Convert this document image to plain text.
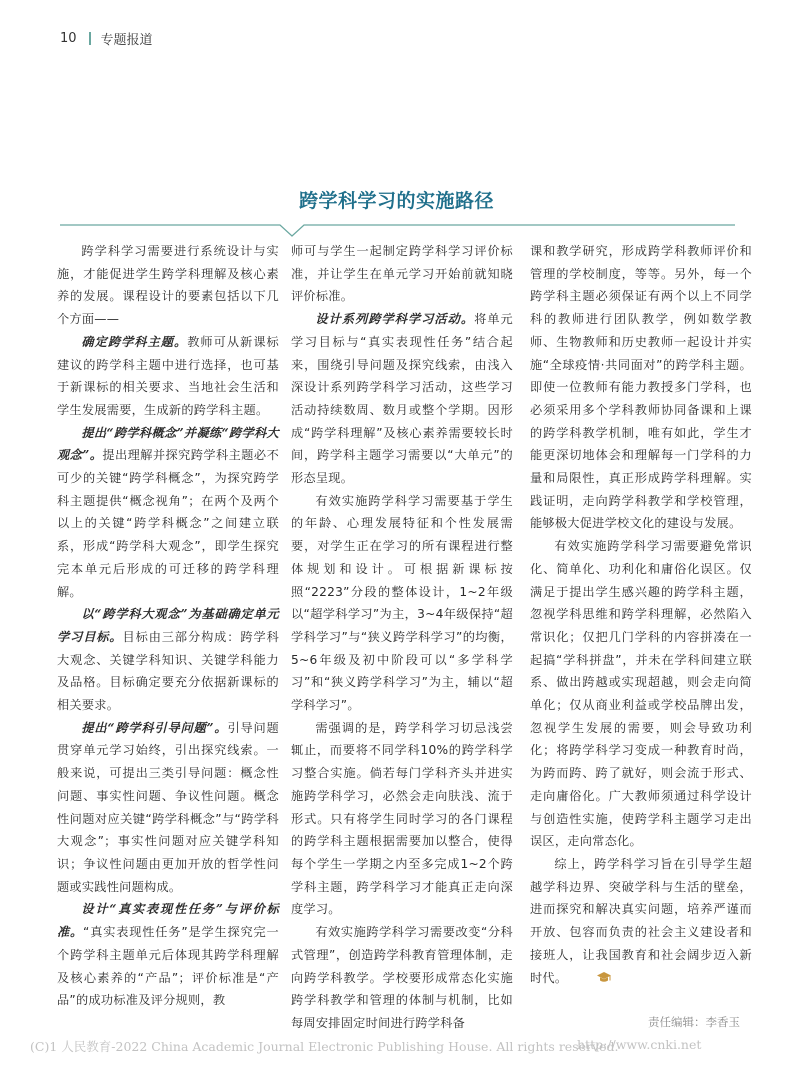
10 专题报道
跨学科学习的实施路径

跨学科学习需要进行系统设计与实施，才能促进学生跨学科理解及核心素养的发展。课程设计的要素包括以下几个方面——

确定跨学科主题。教师可从新课标建议的跨学科主题中进行选择，也可基于新课标的相关要求、当地社会生活和学生发展需要，生成新的跨学科主题。

提出“跨学科概念”并凝练“跨学科大观念”。提出理解并探究跨学科主题必不可少的关键“跨学科概念”，为探究跨学科主题提供“概念视角”；在两个及两个以上的关键“跨学科概念”之间建立联系，形成“跨学科大观念”，即学生探究完本单元后形成的可迁移的跨学科理解。

以“跨学科大观念”为基础确定单元学习目标。目标由三部分构成：跨学科大观念、关键学科知识、关键学科能力及品格。目标确定要充分依据新课标的相关要求。

提出“跨学科引导问题”。引导问题贯穿单元学习始终，引出探究线索。一般来说，可提出三类引导问题：概念性问题、事实性问题、争议性问题。概念性问题对应关键“跨学科概念”与“跨学科大观念”；事实性问题对应关键学科知识；争议性问题由更加开放的哲学性问题或实践性问题构成。

设计“真实表现性任务”与评价标准。“真实表现性任务”是学生探究完一个跨学科主题单元后体现其跨学科理解及核心素养的“产品”；评价标准是“产品”的成功标准及评分规则，教

师可与学生一起制定跨学科学习评价标准，并让学生在单元学习开始前就知晓评价标准。

设计系列跨学科学习活动。将单元学习目标与“真实表现性任务”结合起来，围绕引导问题及探究线索，由浅入深设计系列跨学科学习活动，这些学习活动持续数周、数月或整个学期。因形成“跨学科理解”及核心素养需要较长时间，跨学科主题学习需要以“大单元”的形态呈现。

有效实施跨学科学习需要基于学生的年龄、心理发展特征和个性发展需要，对学生正在学习的所有课程进行整体规划和设计。可根据新课标按照“2223”分段的整体设计，1~2年级以“超学科学习”为主，3~4年级保持“超学科学习”与“狭义跨学科学习”的均衡，5~6年级及初中阶段可以“多学科学习”和“狭义跨学科学习”为主，辅以“超学科学习”。

需强调的是，跨学科学习切忌浅尝辄止，而要将不同学科10%的跨学科学习整合实施。倘若每门学科齐头并进实施跨学科学习，必然会走向肤浅、流于形式。只有将学生同时学习的各门课程的跨学科主题根据需要加以整合，使得每个学生一学期之内至多完成1~2个跨学科主题，跨学科学习才能真正走向深度学习。

有效实施跨学科学习需要改变“分科式管理”，创造跨学科教育管理体制，走向跨学科教学。学校要形成常态化实施跨学科教学和管理的体制与机制，比如每周安排固定时间进行跨学科备

课和教学研究，形成跨学科教师评价和管理的学校制度，等等。另外，每一个跨学科主题必须保证有两个以上不同学科的教师进行团队教学，例如数学教师、生物教师和历史教师一起设计并实施“全球疫情·共同面对”的跨学科主题。即使一位教师有能力教授多门学科，也必须采用多个学科教师协同备课和上课的跨学科教学机制，唯有如此，学生才能更深切地体会和理解每一门学科的力量和局限性，真正形成跨学科理解。实践证明，走向跨学科教学和学校管理，能够极大促进学校文化的建设与发展。

有效实施跨学科学习需要避免常识化、简单化、功利化和庸俗化误区。仅满足于提出学生感兴趣的跨学科主题，忽视学科思维和跨学科理解，必然陷入常识化；仅把几门学科的内容拼凑在一起搞“学科拼盘”，并未在学科间建立联系、做出跨越或实现超越，则会走向简单化；仅从商业利益或学校品牌出发，忽视学生发展的需要，则会导致功利化；将跨学科学习变成一种教育时尚，为跨而跨、跨了就好，则会流于形式、走向庸俗化。广大教师须通过科学设计与创造性实施，使跨学科主题学习走出误区，走向常态化。

综上，跨学科学习旨在引导学生超越学科边界、突破学科与生活的壁垒，进而探究和解决真实问题，培养严谨而开放、包容而负责的社会主义建设者和接班人，让我国教育和社会阔步迈入新时代。

责任编辑：李香玉
(C)1 人民教育-2022 China Academic Journal Electronic Publishing House. All rights reserved.
http://www.cnki.net
